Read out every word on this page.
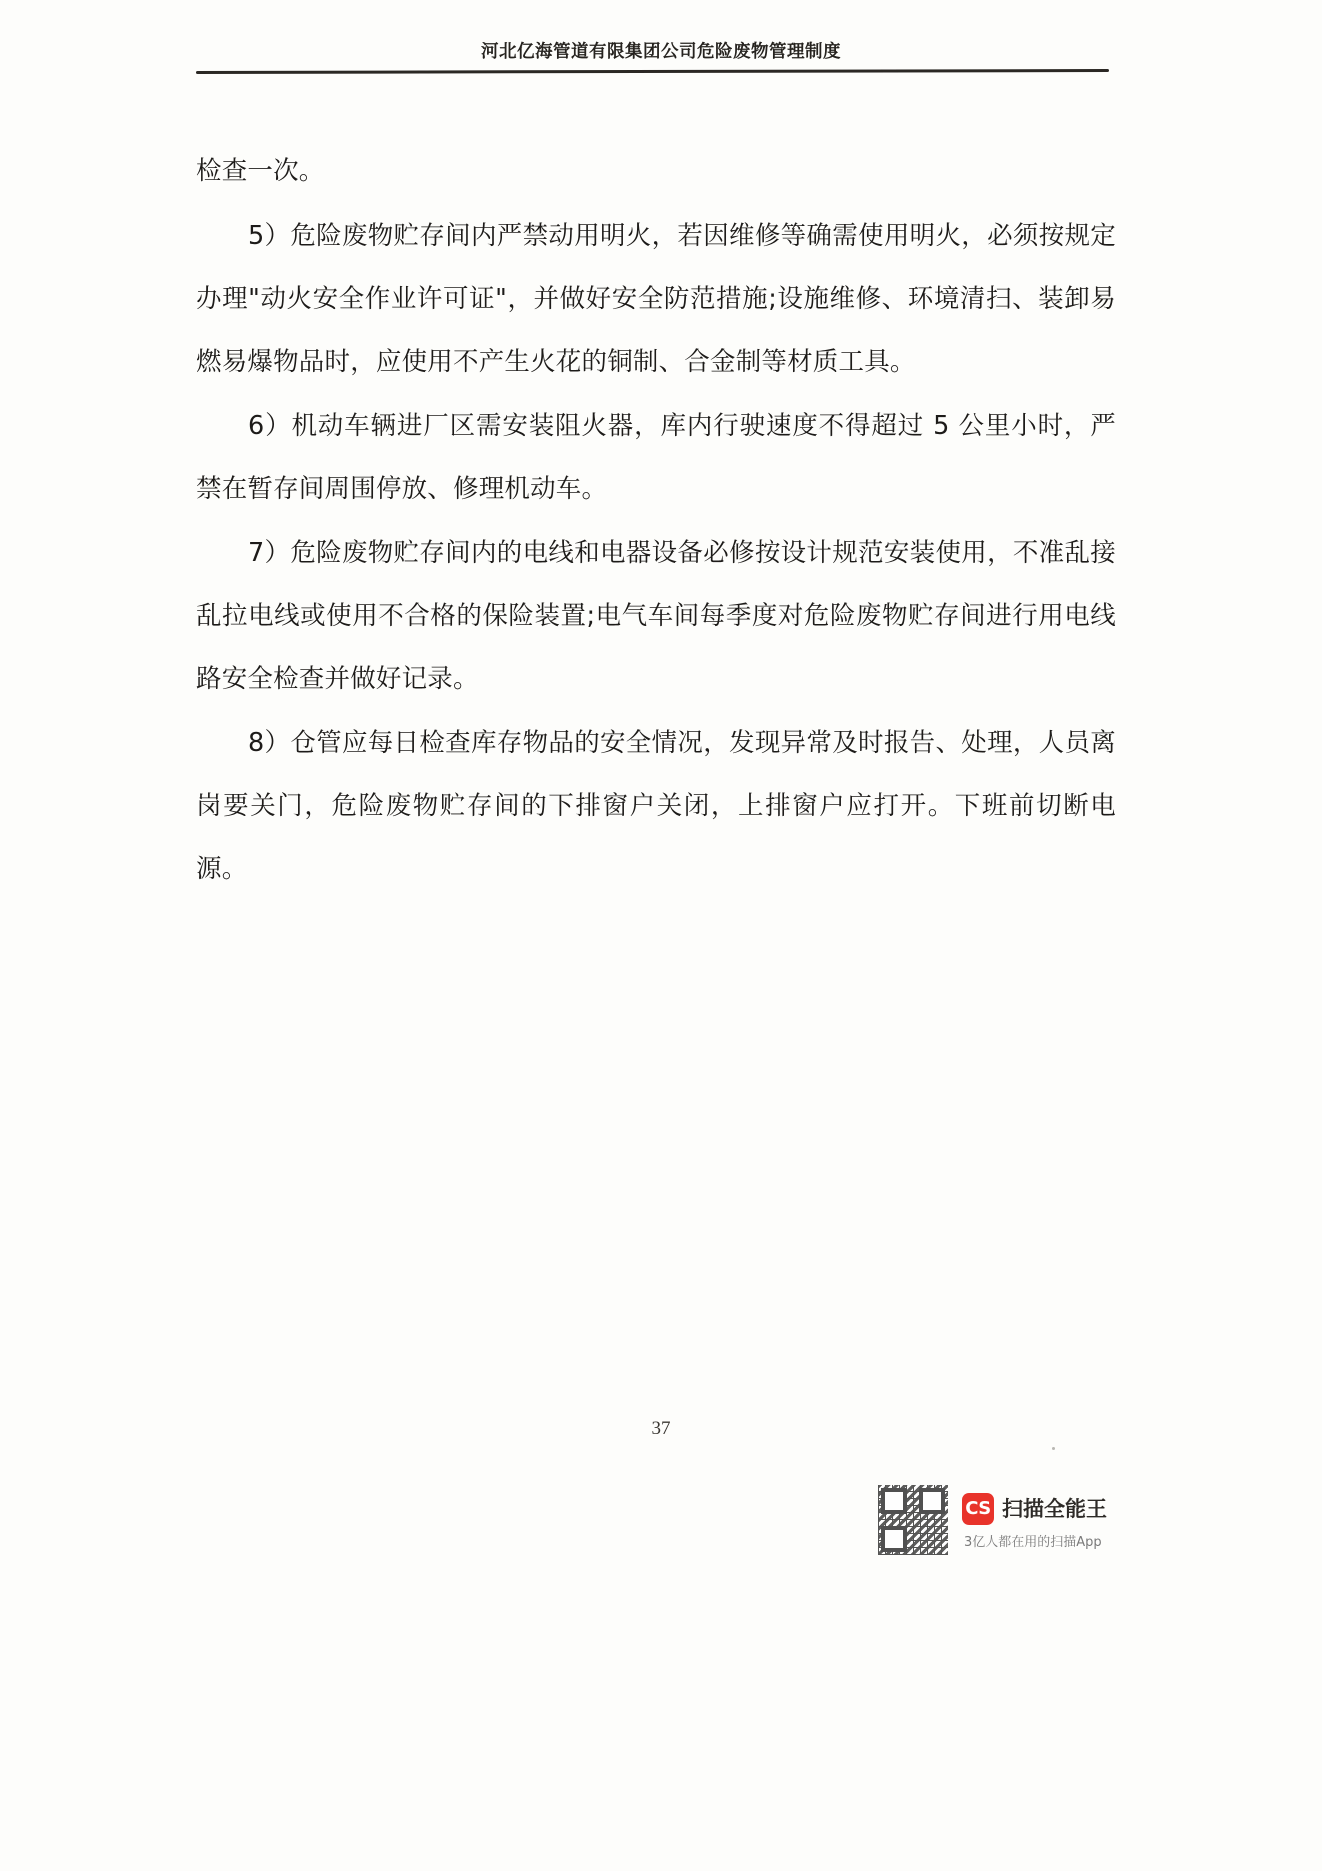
河北亿海管道有限集团公司危险废物管理制度

检查一次。

5）危险废物贮存间内严禁动用明火，若因维修等确需使用明火，必须按规定办理"动火安全作业许可证"，并做好安全防范措施;设施维修、环境清扫、装卸易燃易爆物品时，应使用不产生火花的铜制、合金制等材质工具。

6）机动车辆进厂区需安装阻火器，库内行驶速度不得超过 5 公里小时，严禁在暂存间周围停放、修理机动车。

7）危险废物贮存间内的电线和电器设备必修按设计规范安装使用，不准乱接乱拉电线或使用不合格的保险装置;电气车间每季度对危险废物贮存间进行用电线路安全检查并做好记录。

8）仓管应每日检查库存物品的安全情况，发现异常及时报告、处理，人员离岗要关门，危险废物贮存间的下排窗户关闭，上排窗户应打开。下班前切断电源。

37
CS 扫描全能王
3亿人都在用的扫描App
